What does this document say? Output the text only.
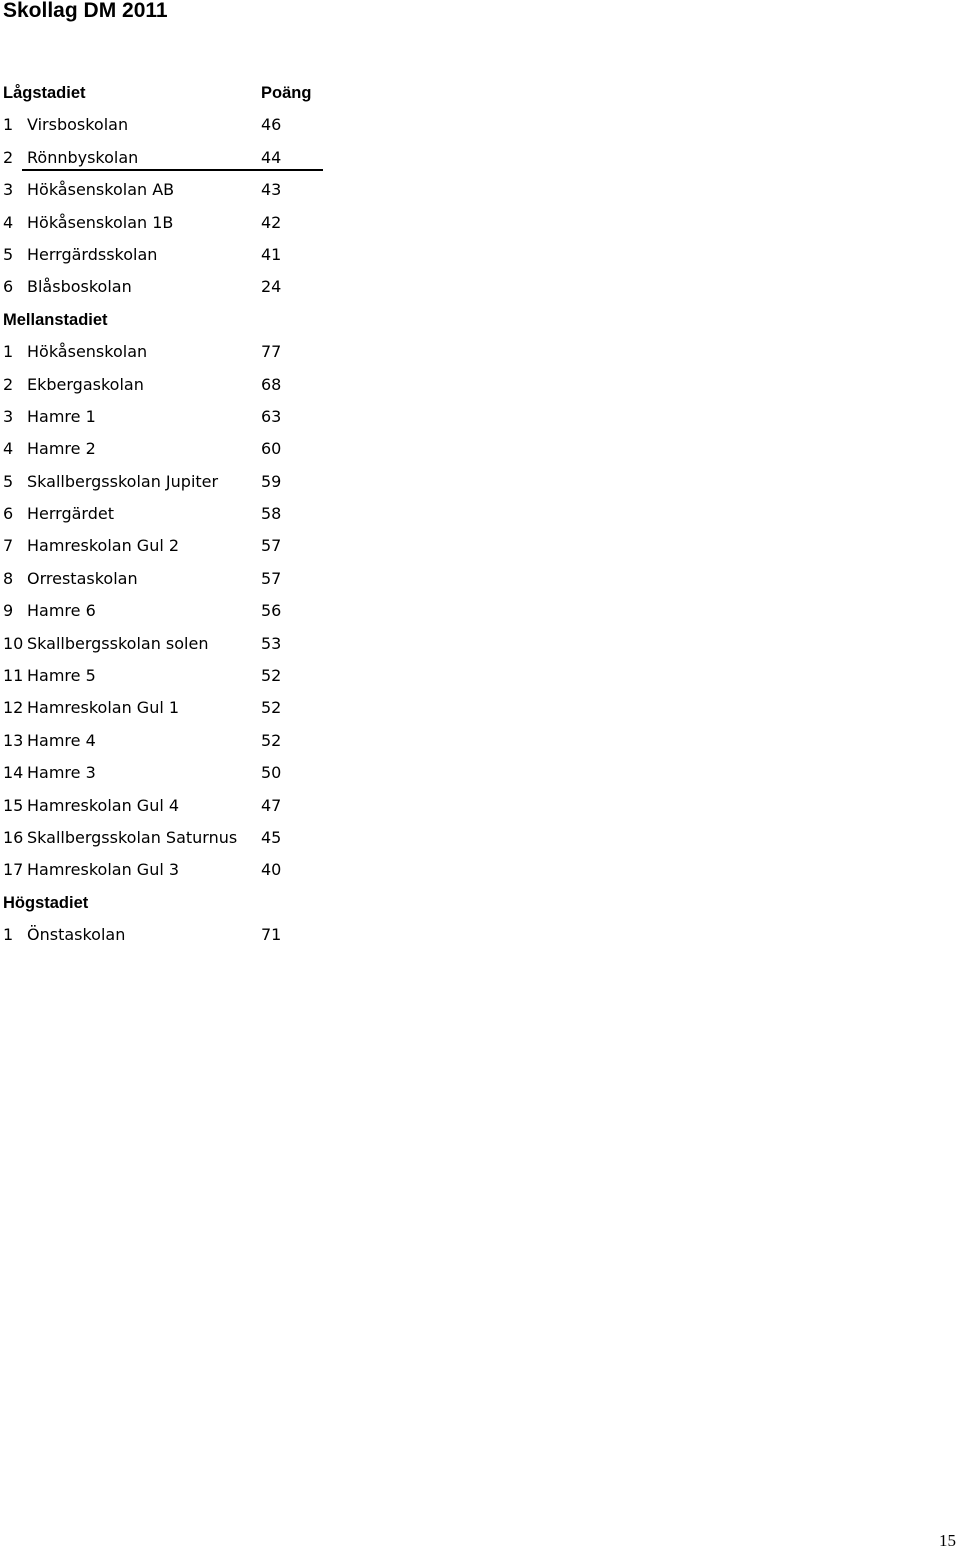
Skollag DM 2011
Lågstadiet	Poäng
1 Virsboskolan	46
2 Rönnbyskolan	44
3 Hökåsenskolan AB	43
4 Hökåsenskolan 1B	42
5 Herrgärdsskolan	41
6 Blåsboskolan	24
Mellanstadiet
1 Hökåsenskolan	77
2 Ekbergaskolan	68
3 Hamre 1	63
4 Hamre 2	60
5 Skallbergsskolan Jupiter	59
6 Herrgärdet	58
7 Hamreskolan Gul 2	57
8 Orrestaskolan	57
9 Hamre 6	56
10 Skallbergsskolan solen	53
11 Hamre 5	52
12 Hamreskolan Gul 1	52
13 Hamre 4	52
14 Hamre 3	50
15 Hamreskolan Gul 4	47
16 Skallbergsskolan Saturnus 45
17 Hamreskolan Gul 3	40
Högstadiet
1 Önstaskolan	71
15
